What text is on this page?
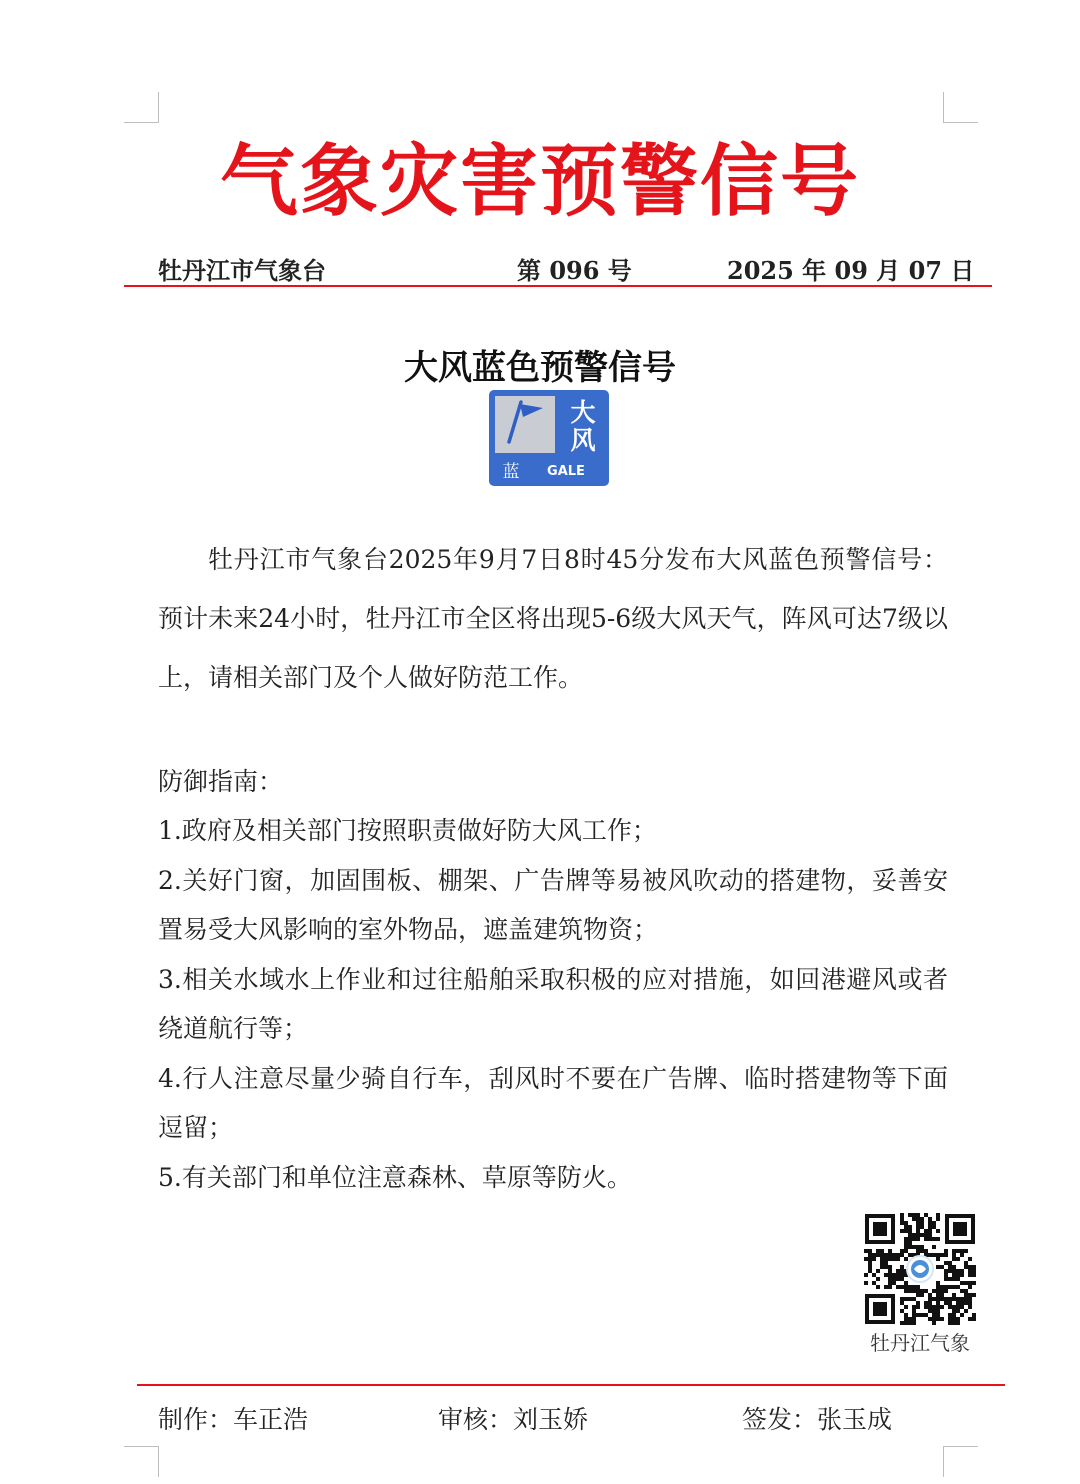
气象灾害预警信号
牡丹江市气象台	第 096 号	2025 年 09 月 07 日
大风蓝色预警信号
大
风
蓝 GALE
牡丹江市气象台2025年9月7日8时45分发布大风蓝色预警信号：预计未来24小时，牡丹江市全区将出现5-6级大风天气，阵风可达7级以上，请相关部门及个人做好防范工作。
防御指南：

1.政府及相关部门按照职责做好防大风工作；

2.关好门窗，加固围板、棚架、广告牌等易被风吹动的搭建物，妥善安置易受大风影响的室外物品，遮盖建筑物资；

3.相关水域水上作业和过往船舶采取积极的应对措施，如回港避风或者绕道航行等；

4.行人注意尽量少骑自行车，刮风时不要在广告牌、临时搭建物等下面逗留；

5.有关部门和单位注意森林、草原等防火。

牡丹江气象
制作：车正浩	审核：刘玉娇	签发：张玉成
